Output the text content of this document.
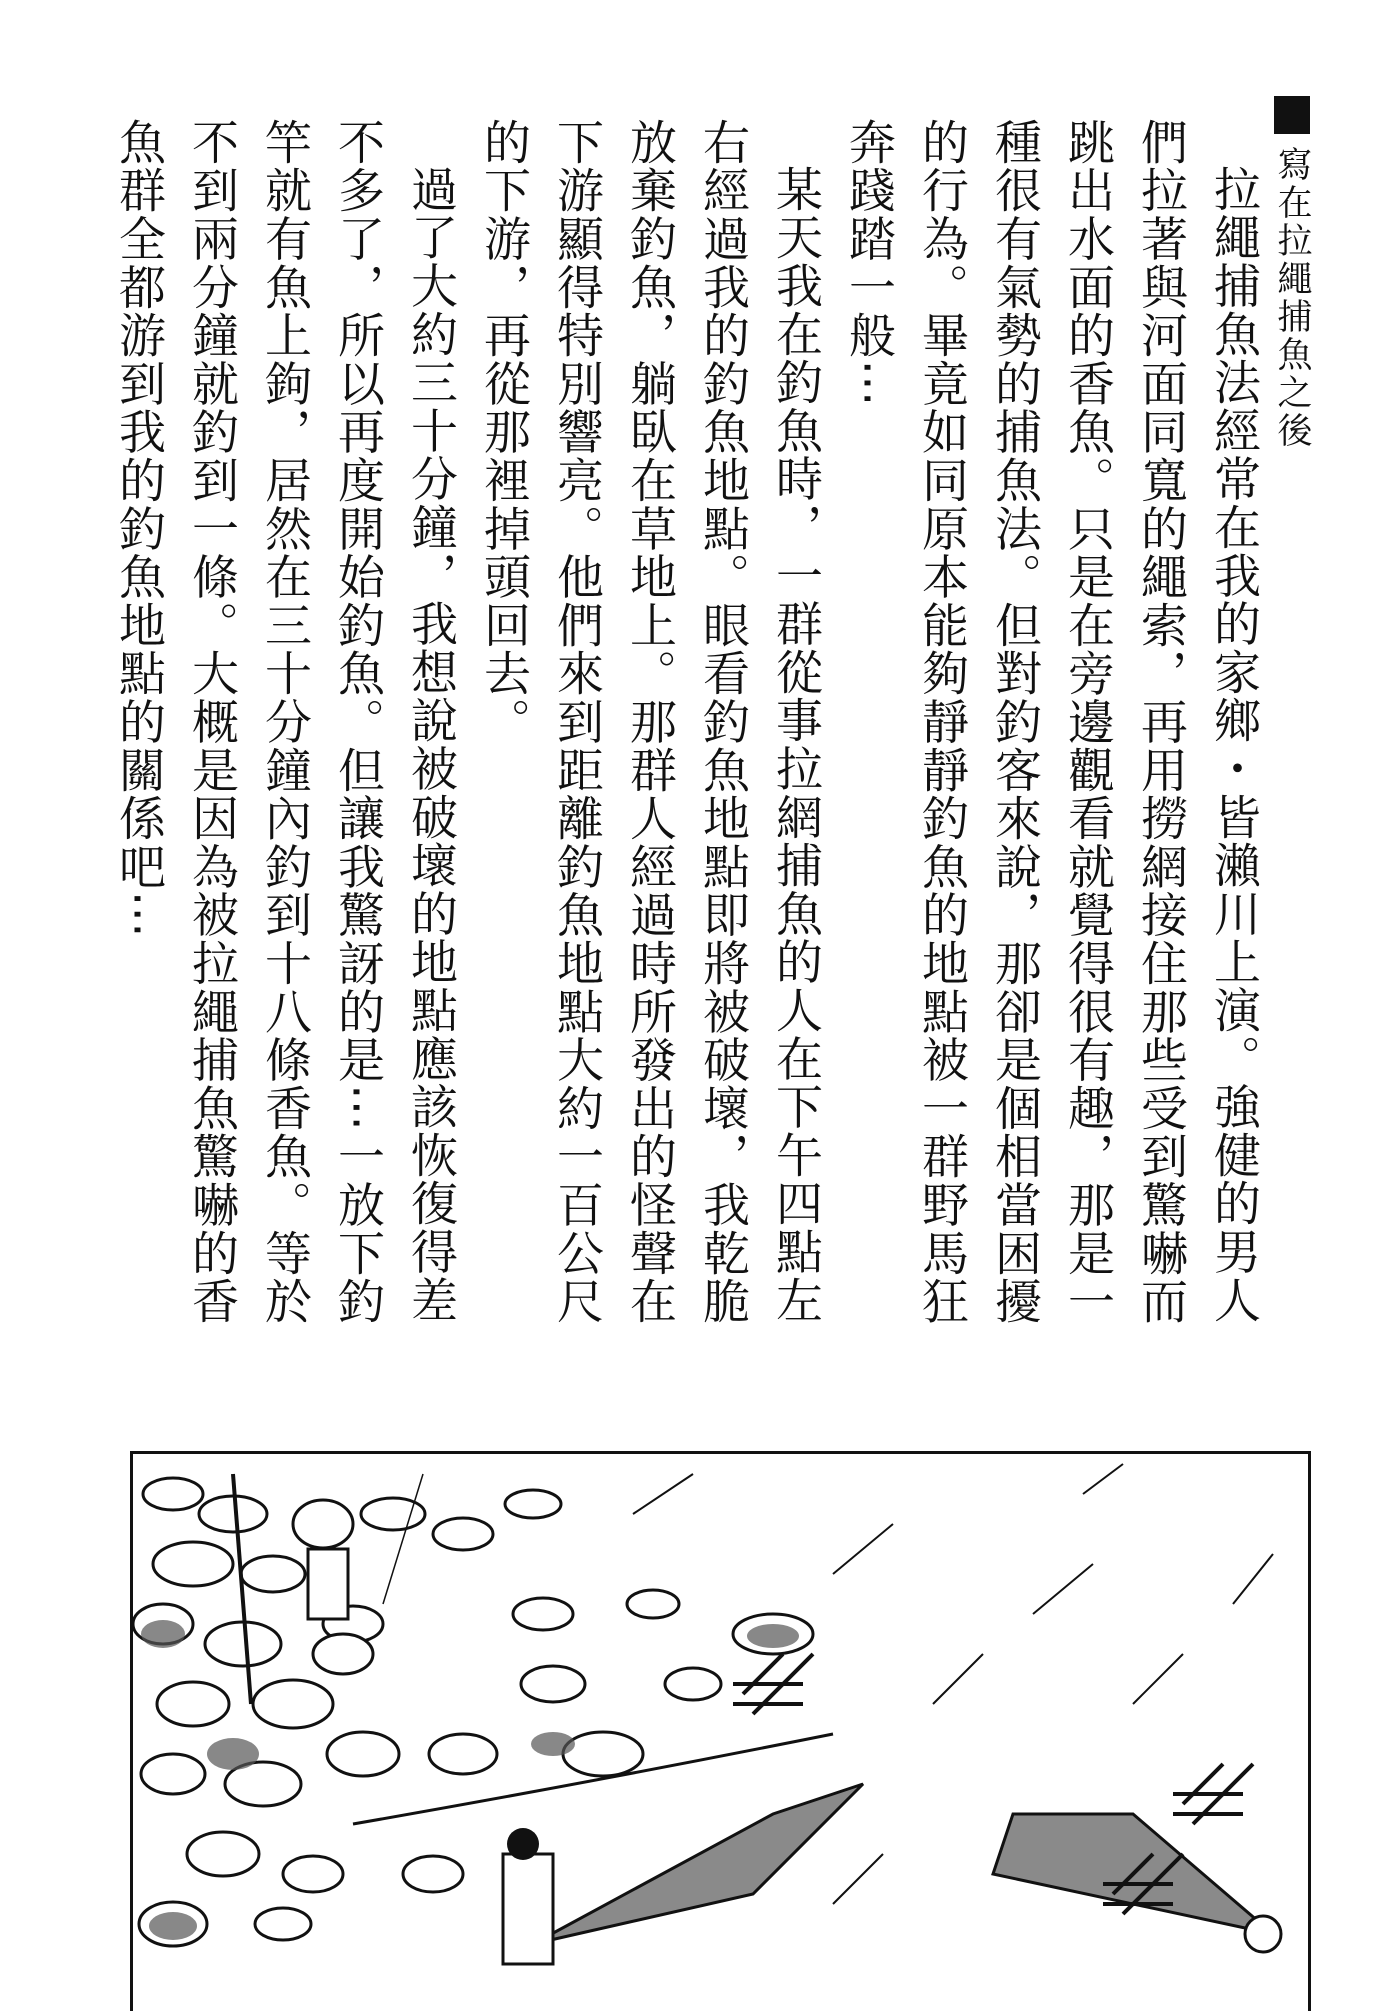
寫在拉繩捕魚之後

拉繩捕魚法經常在我的家鄉・皆瀨川上演。強健的男人們拉著與河面同寬的繩索，再用撈網接住那些受到驚嚇而跳出水面的香魚。只是在旁邊觀看就覺得很有趣，那是一種很有氣勢的捕魚法。但對釣客來說，那卻是個相當困擾的行為。畢竟如同原本能夠靜靜釣魚的地點被一群野馬狂奔踐踏一般⋯

某天我在釣魚時，一群從事拉網捕魚的人在下午四點左右經過我的釣魚地點。眼看釣魚地點即將被破壞，我乾脆放棄釣魚，躺臥在草地上。那群人經過時所發出的怪聲在下游顯得特別響亮。他們來到距離釣魚地點大約一百公尺的下游，再從那裡掉頭回去。

過了大約三十分鐘，我想說被破壞的地點應該恢復得差不多了，所以再度開始釣魚。但讓我驚訝的是⋯一放下釣竿就有魚上鉤，居然在三十分鐘內釣到十八條香魚。等於不到兩分鐘就釣到一條。大概是因為被拉繩捕魚驚嚇的香魚群全都游到我的釣魚地點的關係吧⋯
